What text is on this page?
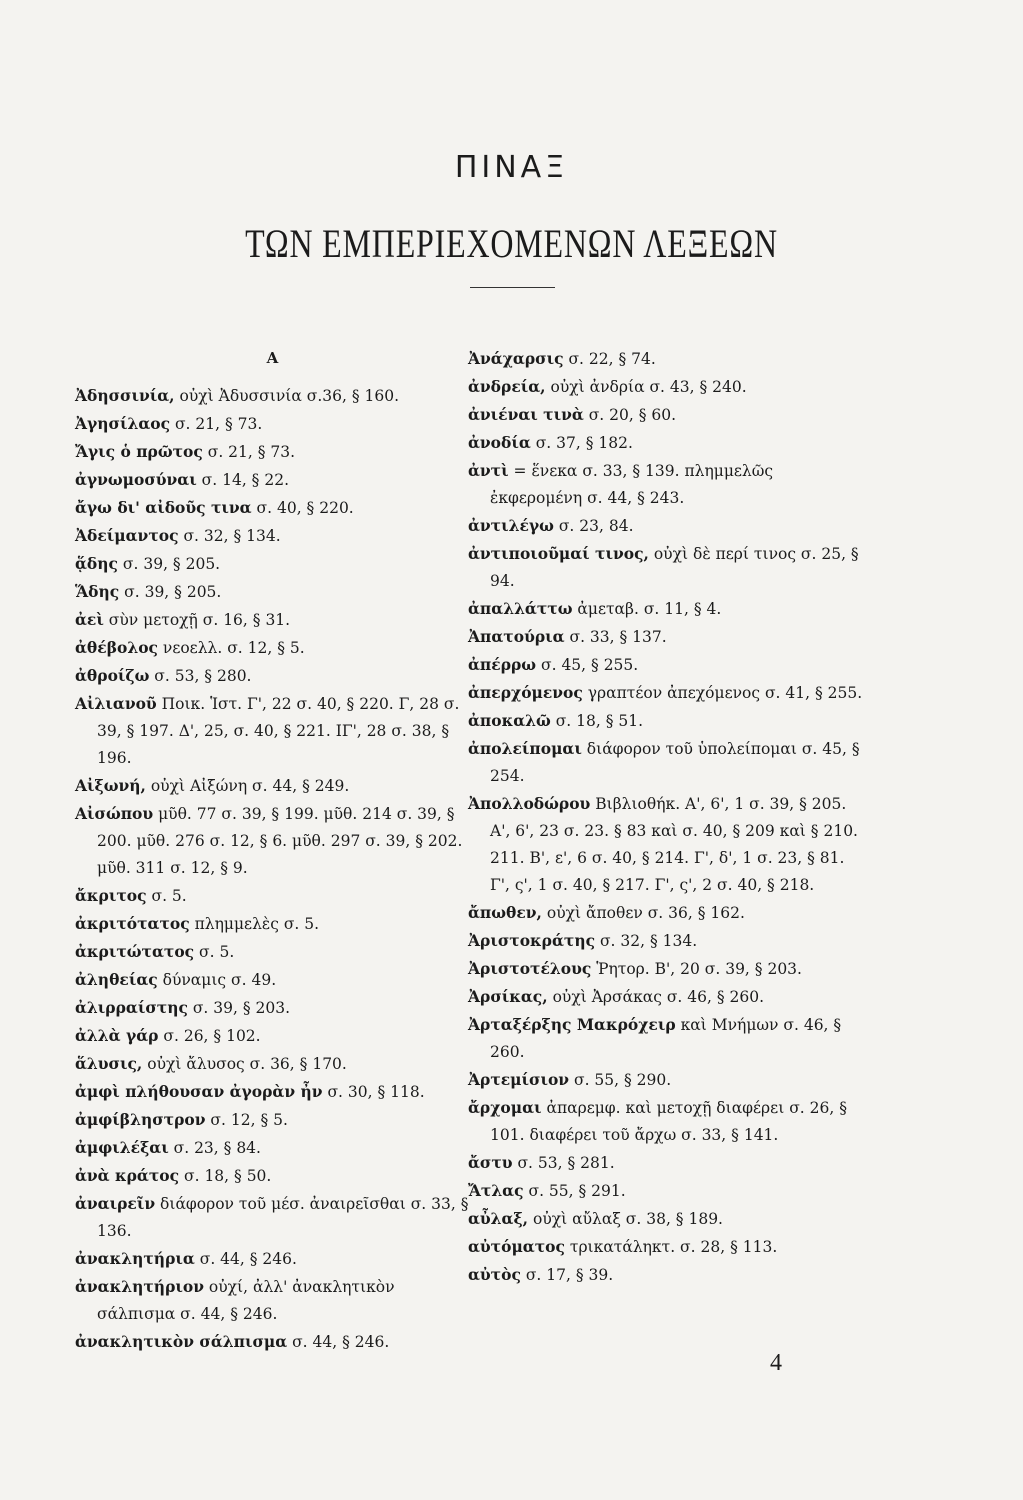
ΠΙΝΑΞ
ΤΩΝ ΕΜΠΕΡΙΕΧΟΜΕΝΩΝ ΛΕΞΕΩΝ
Α
Ἀδησσινία, οὐχὶ Ἀδυσσινία σ.36, § 160.
Ἀγησίλαος σ. 21, § 73.
Ἄγις ὁ πρῶτος σ. 21, § 73.
ἀγνωμοσύναι σ. 14, § 22.
ἄγω δι' αἰδοῦς τινα σ. 40, § 220.
Ἀδείμαντος σ. 32, § 134.
ᾅδης σ. 39, § 205.
Ἅδης σ. 39, § 205.
ἀεὶ σὺν μετοχῇ σ. 16, § 31.
ἀθέβολος νεοελλ. σ. 12, § 5.
ἀθροίζω σ. 53, § 280.
Αἰλιανοῦ Ποικ. Ἱστ. Γ', 22 σ. 40, § 220. Γ, 28 σ. 39, § 197. Δ', 25, σ. 40, § 221. ΙΓ', 28 σ. 38, § 196.
Αἰξωνή, οὐχὶ Αἰξώνη σ. 44, § 249.
Αἰσώπου μῦθ. 77 σ. 39, § 199. μῦθ. 214 σ. 39, § 200. μῦθ. 276 σ. 12, § 6. μῦθ. 297 σ. 39, § 202. μῦθ. 311 σ. 12, § 9.
ἄκριτος σ. 5.
ἀκριτότατος πλημμελὲς σ. 5.
ἀκριτώτατος σ. 5.
ἀληθείας δύναμις σ. 49.
ἀλιρραίστης σ. 39, § 203.
ἀλλὰ γάρ σ. 26, § 102.
ἅλυσις, οὐχὶ ἄλυσος σ. 36, § 170.
ἀμφὶ πλήθουσαν ἀγορὰν ἦν σ. 30, § 118.
ἀμφίβληστρον σ. 12, § 5.
ἀμφιλέξαι σ. 23, § 84.
ἀνὰ κράτος σ. 18, § 50.
ἀναιρεῖν διάφορον τοῦ μέσ. ἀναιρεῖσθαι σ. 33, § 136.
ἀνακλητήρια σ. 44, § 246.
ἀνακλητήριον οὐχί, ἀλλ' ἀνακλητικὸν σάλπισμα σ. 44, § 246.
ἀνακλητικὸν σάλπισμα σ. 44, § 246.
Ἀνάχαρσις σ. 22, § 74.
ἀνδρεία, οὐχὶ ἀνδρία σ. 43, § 240.
ἀνιέναι τινὰ σ. 20, § 60.
ἀνοδία σ. 37, § 182.
ἀντὶ = ἕνεκα σ. 33, § 139. πλημμελῶς ἐκφερομένη σ. 44, § 243.
ἀντιλέγω σ. 23, 84.
ἀντιποιοῦμαί τινος, οὐχὶ δὲ περί τινος σ. 25, § 94.
ἀπαλλάττω ἀμεταβ. σ. 11, § 4.
Ἀπατούρια σ. 33, § 137.
ἀπέρρω σ. 45, § 255.
ἀπερχόμενος γραπτέον ἀπεχόμενος σ. 41, § 255.
ἀποκαλῶ σ. 18, § 51.
ἀπολείπομαι διάφορον τοῦ ὑπολείπομαι σ. 45, § 254.
Ἀπολλοδώρου Βιβλιοθήκ. Α', 6', 1 σ. 39, § 205. Α', 6', 23 σ. 23. § 83 καὶ σ. 40, § 209 καὶ § 210. 211. Β', ε', 6 σ. 40, § 214. Γ', δ', 1 σ. 23, § 81. Γ', ς', 1 σ. 40, § 217. Γ', ς', 2 σ. 40, § 218.
ἄπωθεν, οὐχὶ ἄποθεν σ. 36, § 162.
Ἀριστοκράτης σ. 32, § 134.
Ἀριστοτέλους Ῥητορ. Β', 20 σ. 39, § 203.
Ἀρσίκας, οὐχὶ Ἀρσάκας σ. 46, § 260.
Ἀρταξέρξης Μακρόχειρ καὶ Μνήμων σ. 46, § 260.
Ἀρτεμίσιον σ. 55, § 290.
ἄρχομαι ἀπαρεμφ. καὶ μετοχῇ διαφέρει σ. 26, § 101. διαφέρει τοῦ ἄρχω σ. 33, § 141.
ἄστυ σ. 53, § 281.
Ἄτλας σ. 55, § 291.
αὖλαξ, οὐχὶ αὔλαξ σ. 38, § 189.
αὐτόματος τρικατάληκτ. σ. 28, § 113.
αὐτὸς σ. 17, § 39.
4
